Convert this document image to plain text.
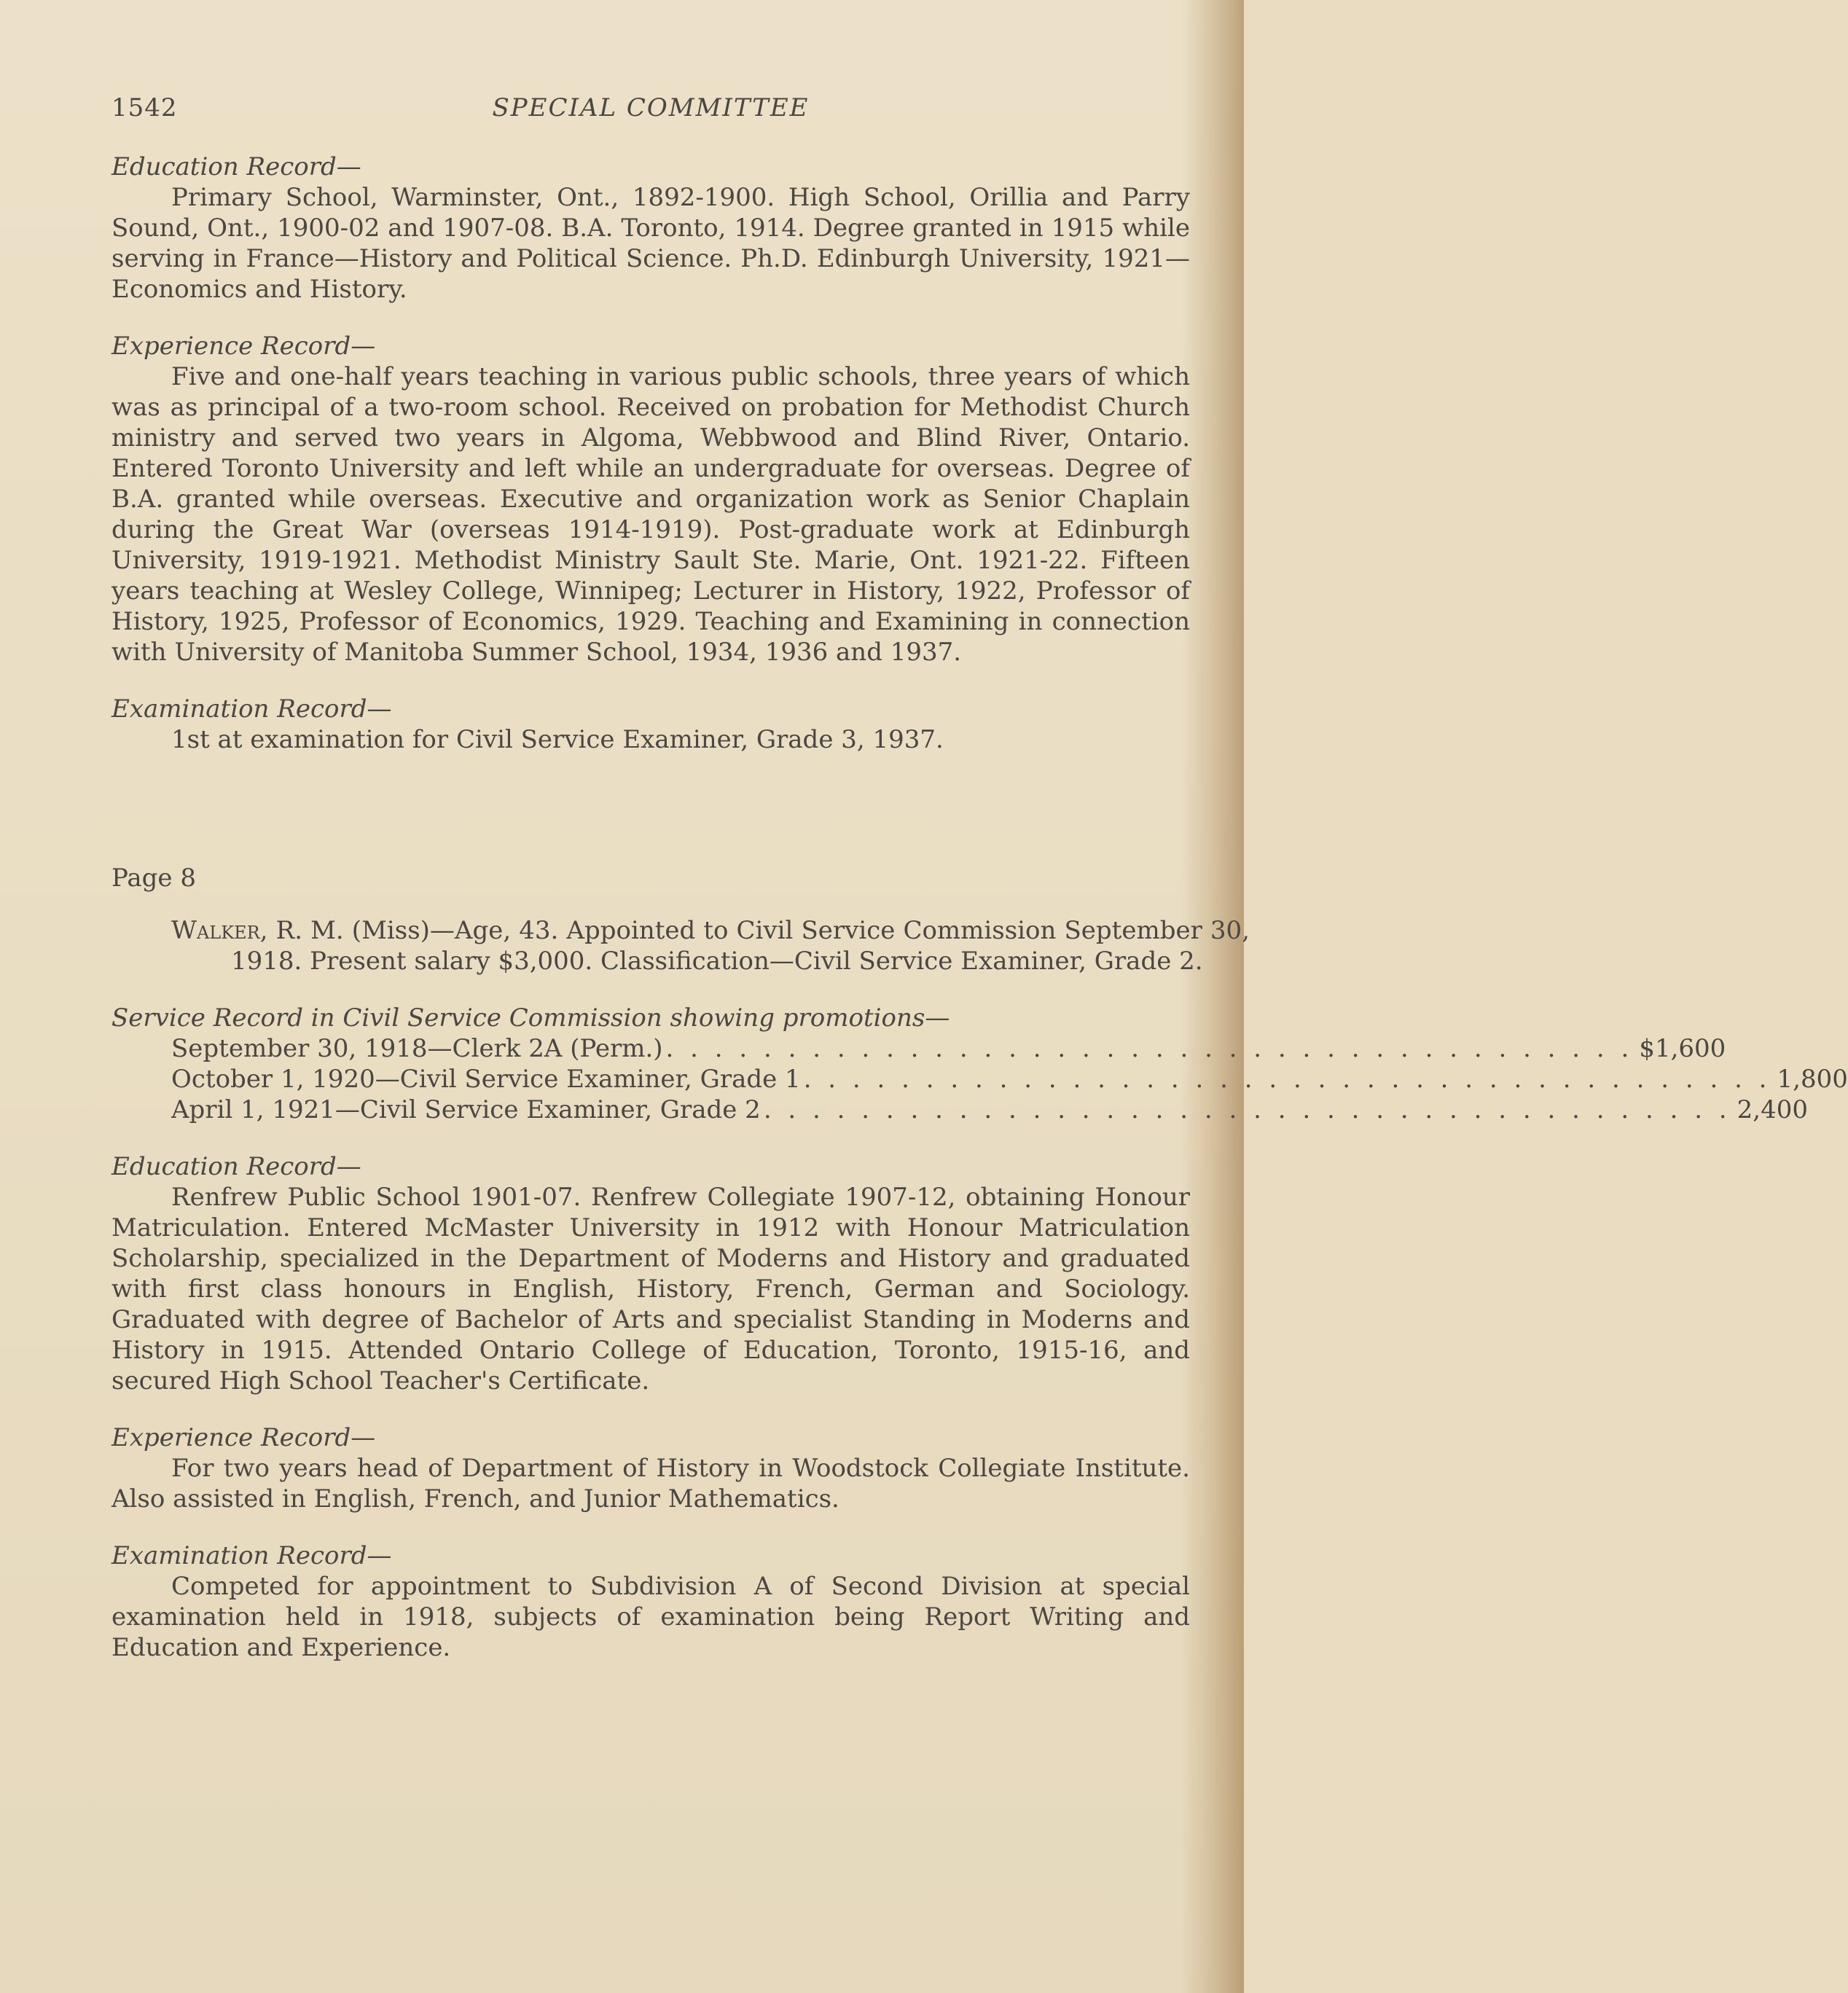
1542	SPECIAL COMMITTEE

Education Record—

Primary School, Warminster, Ont., 1892-1900. High School, Orillia and Parry Sound, Ont., 1900-02 and 1907-08. B.A. Toronto, 1914. Degree granted in 1915 while serving in France—History and Political Science. Ph.D. Edinburgh University, 1921—Economics and History.

Experience Record—

Five and one-half years teaching in various public schools, three years of which was as principal of a two-room school. Received on probation for Methodist Church ministry and served two years in Algoma, Webbwood and Blind River, Ontario. Entered Toronto University and left while an undergraduate for overseas. Degree of B.A. granted while overseas. Executive and organization work as Senior Chaplain during the Great War (overseas 1914-1919). Post-graduate work at Edinburgh University, 1919-1921. Methodist Ministry Sault Ste. Marie, Ont. 1921-22. Fifteen years teaching at Wesley College, Winnipeg; Lecturer in History, 1922, Professor of History, 1925, Professor of Economics, 1929. Teaching and Examining in connection with University of Manitoba Summer School, 1934, 1936 and 1937.

Examination Record—

1st at examination for Civil Service Examiner, Grade 3, 1937.

Page 8

Walker, R. M. (Miss)—Age, 43. Appointed to Civil Service Commission September 30, 1918. Present salary $3,000. Classification—Civil Service Examiner, Grade 2.

Service Record in Civil Service Commission showing promotions—

September 30, 1918—Clerk 2A (Perm.) . . . . . . . . . . . . . . . . . . . . . . . . . . . . . . . . . . . . . . . . $1,600

October 1, 1920—Civil Service Examiner, Grade 1 . . . . . . . . . . . . . . . . . . . . . . . . . . . . . . . . . . . . . . . . 1,800

April 1, 1921—Civil Service Examiner, Grade 2 . . . . . . . . . . . . . . . . . . . . . . . . . . . . . . . . . . . . . . . . 2,400

Education Record—

Renfrew Public School 1901-07. Renfrew Collegiate 1907-12, obtaining Honour Matriculation. Entered McMaster University in 1912 with Honour Matriculation Scholarship, specialized in the Department of Moderns and History and graduated with first class honours in English, History, French, German and Sociology. Graduated with degree of Bachelor of Arts and specialist Standing in Moderns and History in 1915. Attended Ontario College of Education, Toronto, 1915-16, and secured High School Teacher's Certificate.

Experience Record—

For two years head of Department of History in Woodstock Collegiate Institute. Also assisted in English, French, and Junior Mathematics.

Examination Record—

Competed for appointment to Subdivision A of Second Division at special examination held in 1918, subjects of examination being Report Writing and Education and Experience.
